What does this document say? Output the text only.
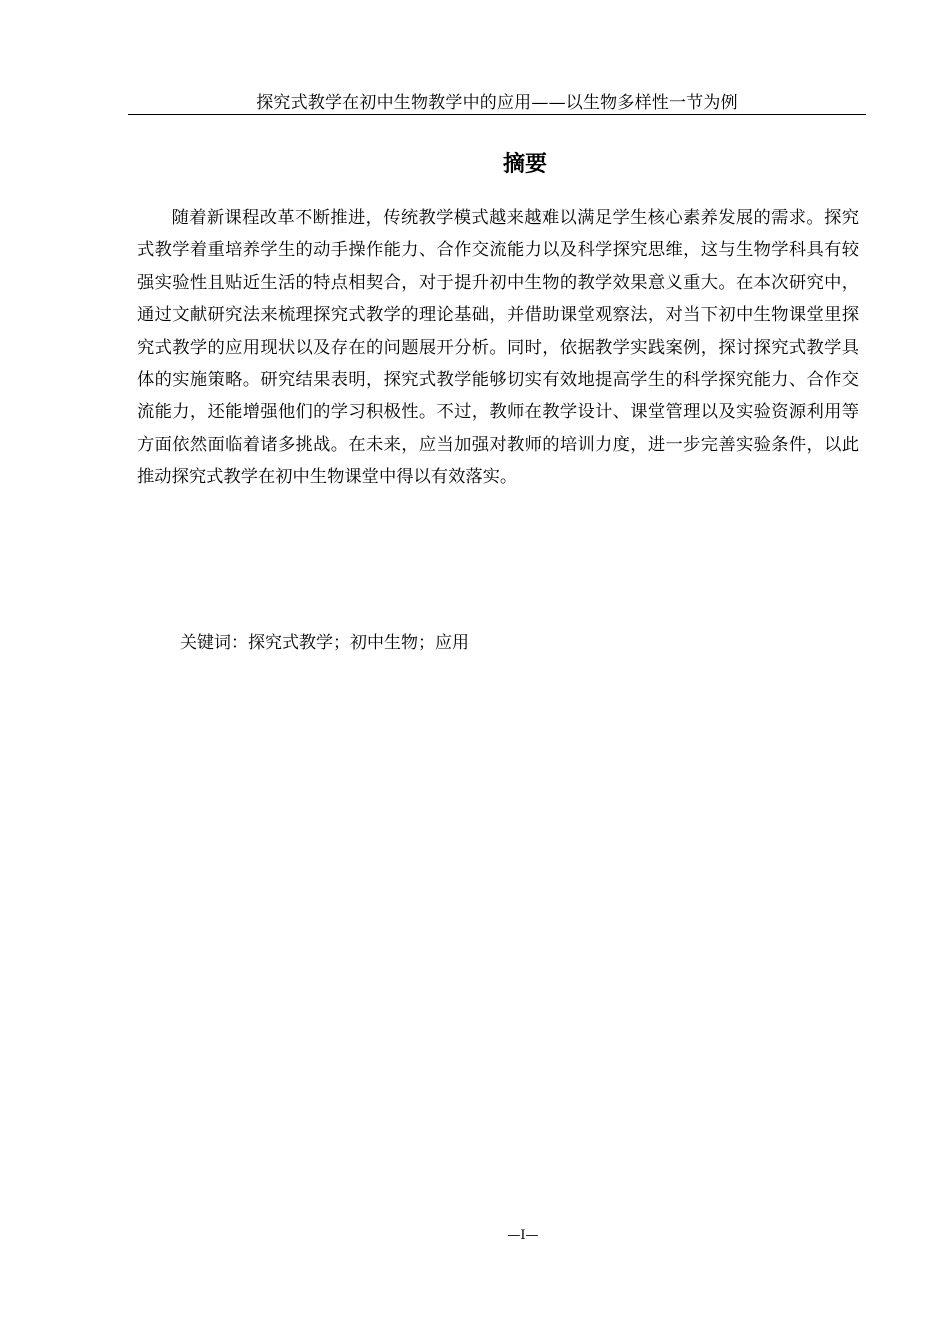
探究式教学在初中生物教学中的应用——以生物多样性一节为例
摘要

随着新课程改革不断推进，传统教学模式越来越难以满足学生核心素养发展的需求。探究式教学着重培养学生的动手操作能力、合作交流能力以及科学探究思维，这与生物学科具有较强实验性且贴近生活的特点相契合，对于提升初中生物的教学效果意义重大。在本次研究中，通过文献研究法来梳理探究式教学的理论基础，并借助课堂观察法，对当下初中生物课堂里探究式教学的应用现状以及存在的问题展开分析。同时，依据教学实践案例，探讨探究式教学具体的实施策略。研究结果表明，探究式教学能够切实有效地提高学生的科学探究能力、合作交流能力，还能增强他们的学习积极性。不过，教师在教学设计、课堂管理以及实验资源利用等方面依然面临着诸多挑战。在未来，应当加强对教师的培训力度，进一步完善实验条件，以此推动探究式教学在初中生物课堂中得以有效落实。

关键词：探究式教学；初中生物；应用
—I—
